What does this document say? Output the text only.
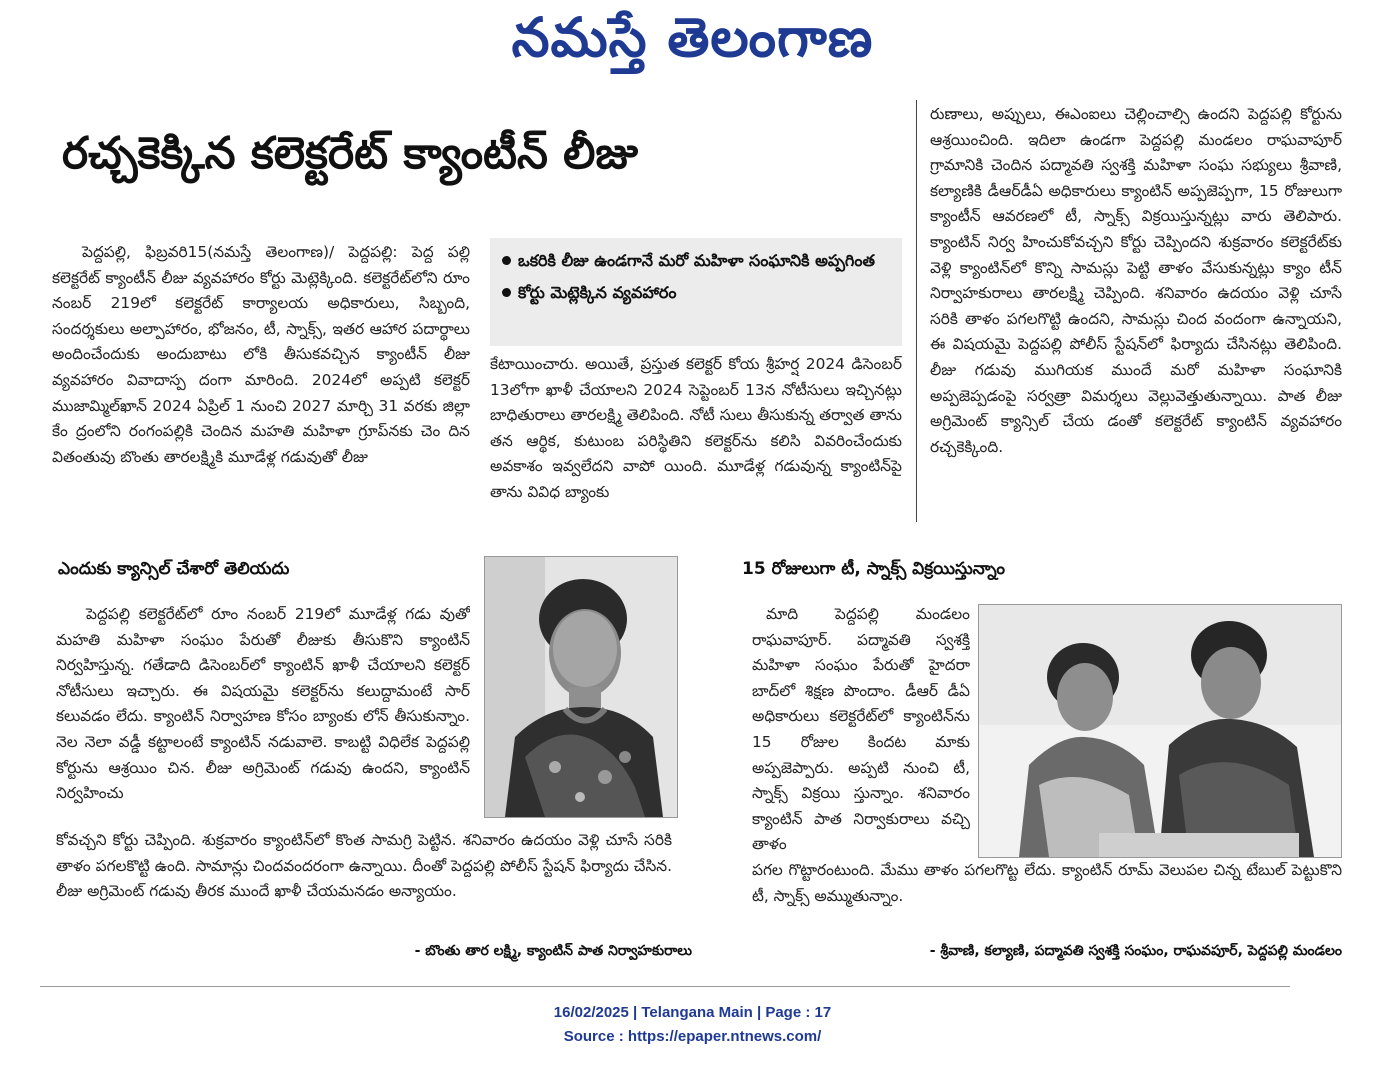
నమస్తే తెలంగాణ
రచ్చకెక్కిన కలెక్టరేట్ క్యాంటీన్ లీజు

పెద్దపల్లి, ఫిబ్రవరి15(నమస్తే తెలంగాణ)/ పెద్దపల్లి: పెద్ద పల్లి కలెక్టరేట్ క్యాంటీన్ లీజు వ్యవహారం కోర్టు మెట్లెక్కింది. కలెక్టరేట్‌లోని రూం నంబర్ 219లో కలెక్టరేట్ కార్యాలయ అధికారులు, సిబ్బంది, సందర్శకులు అల్పాహారం, భోజనం, టీ, స్నాక్స్, ఇతర ఆహార పదార్థాలు అందించేందుకు అందుబాటు లోకి తీసుకవచ్చిన క్యాంటీన్ లీజు వ్యవహారం వివాదాస్ప దంగా మారింది. 2024లో అప్పటి కలెక్టర్ ముజామ్మిల్‌ఖాన్ 2024 ఏప్రిల్ 1 నుంచి 2027 మార్చి 31 వరకు జిల్లా కేం ద్రంలోని రంగంపల్లికి చెందిన మహతి మహిళా గ్రూప్‌నకు చెం దిన వితంతువు బొంతు తారలక్ష్మికి మూడేళ్ల గడువుతో లీజు

ఒకరికి లీజు ఉండగానే మరో మహిళా సంఘానికి అప్పగింత
కోర్టు మెట్లెక్కిన వ్యవహారం

కేటాయించారు. అయితే, ప్రస్తుత కలెక్టర్ కోయ శ్రీహర్ష 2024 డిసెంబర్ 13లోగా ఖాళీ చేయాలని 2024 సెప్టెంబర్ 13న నోటీసులు ఇచ్చినట్లు బాధితురాలు తారలక్ష్మి తెలిపింది. నోటీ సులు తీసుకున్న తర్వాత తాను తన ఆర్థిక, కుటుంబ పరిస్థితిని కలెక్టర్‌ను కలిసి వివరించేందుకు అవకాశం ఇవ్వలేదని వాపో యింది. మూడేళ్ల గడువున్న క్యాంటిన్‌పై తాను వివిధ బ్యాంకు

రుణాలు, అప్పులు, ఈఎంఐలు చెల్లించాల్సి ఉందని పెద్దపల్లి కోర్టును ఆశ్రయించింది. ఇదిలా ఉండగా పెద్దపల్లి మండలం రాఘవాపూర్ గ్రామానికి చెందిన పద్మావతి స్వశక్తి మహిళా సంఘ సభ్యులు శ్రీవాణి, కల్యాణికి డీఆర్‌డీఏ అధికారులు క్యాంటిన్ అప్పజెప్పగా, 15 రోజులుగా క్యాంటీన్ ఆవరణలో టీ, స్నాక్స్ విక్రయిస్తున్నట్లు వారు తెలిపారు. క్యాంటిన్ నిర్వ హించుకోవచ్చని కోర్టు చెప్పిందని శుక్రవారం కలెక్టరేట్‌కు వెళ్లి క్యాంటిన్‌లో కొన్ని సామస్లు పెట్టి తాళం వేసుకున్నట్లు క్యాం టీన్ నిర్వాహకురాలు తారలక్ష్మి చెప్పింది. శనివారం ఉదయం వెళ్లి చూసే సరికి తాళం పగలగొట్టి ఉందని, సామస్లు చింద వందంగా ఉన్నాయని, ఈ విషయమై పెద్దపల్లి పోలీస్ స్టేషన్‌లో ఫిర్యాదు చేసినట్లు తెలిపింది. లీజు గడువు ముగియక ముందే మరో మహిళా సంఘానికి అప్పజెప్పడంపై సర్వత్రా విమర్శలు వెల్లువెత్తుతున్నాయి. పాత లీజు అగ్రిమెంట్ క్యాన్సిల్ చేయ డంతో కలెక్టరేట్ క్యాంటిన్ వ్యవహారం రచ్చకెక్కింది.

ఎందుకు క్యాన్సిల్ చేశారో తెలియదు

పెద్దపల్లి కలెక్టరేట్‌లో రూం నంబర్ 219లో మూడేళ్ల గడు వుతో మహతి మహిళా సంఘం పేరుతో లీజుకు తీసుకొని క్యాంటిన్ నిర్వహిస్తున్న. గతేడాది డిసెంబర్‌లో క్యాంటిన్ ఖాళీ చేయాలని కలెక్టర్ నోటీసులు ఇచ్చారు. ఈ విషయమై కలెక్టర్‌ను కలుద్దామంటే సార్ కలువడం లేదు. క్యాంటిన్ నిర్వాహణ కోసం బ్యాంకు లోన్ తీసుకున్నాం. నెల నెలా వడ్డీ కట్టాలంటే క్యాంటిన్ నడువాలె. కాబట్టి విధిలేక పెద్దపల్లి కోర్టును ఆశ్రయిం చిన. లీజు అగ్రిమెంట్ గడువు ఉందని, క్యాంటిన్ నిర్వహించు

కోవచ్చని కోర్టు చెప్పింది. శుక్రవారం క్యాంటిన్‌లో కొంత సామగ్రి పెట్టిన. శనివారం ఉదయం వెళ్లి చూసే సరికి తాళం పగలకొట్టి ఉంది. సామాన్లు చిందవందరంగా ఉన్నాయి. దీంతో పెద్దపల్లి పోలీస్ స్టేషన్ ఫిర్యాదు చేసిన. లీజు అగ్రిమెంట్ గడువు తీరక ముందే ఖాళీ చేయమనడం అన్యాయం.

- బొంతు తార లక్ష్మి, క్యాంటిన్ పాత నిర్వాహకురాలు
15 రోజులుగా టీ, స్నాక్స్ విక్రయిస్తున్నాం

మాది పెద్దపల్లి మండలం రాఘవాపూర్. పద్మావతి స్వశక్తి మహిళా సంఘం పేరుతో హైదరా బాద్‌లో శిక్షణ పొందాం. డీఆర్ డీఏ అధికారులు కలెక్టరేట్‌లో క్యాంటిన్‌ను 15 రోజుల కిందట మాకు అప్పజెప్పారు. అప్పటి నుంచి టీ, స్నాక్స్ విక్రయి స్తున్నాం. శనివారం క్యాంటిన్ పాత నిర్వాకురాలు వచ్చి తాళం

పగల గొట్టారంటుంది. మేము తాళం పగలగొట్ట లేదు. క్యాంటిన్ రూమ్ వెలుపల చిన్న టేబుల్ పెట్టుకొని టీ, స్నాక్స్ అమ్ముతున్నాం.

- శ్రీవాణి, కల్యాణి, పద్మావతి స్వశక్తి సంఘం, రాఘవపూర్, పెద్దపల్లి మండలం
16/02/2025 | Telangana Main | Page : 17
Source : https://epaper.ntnews.com/
